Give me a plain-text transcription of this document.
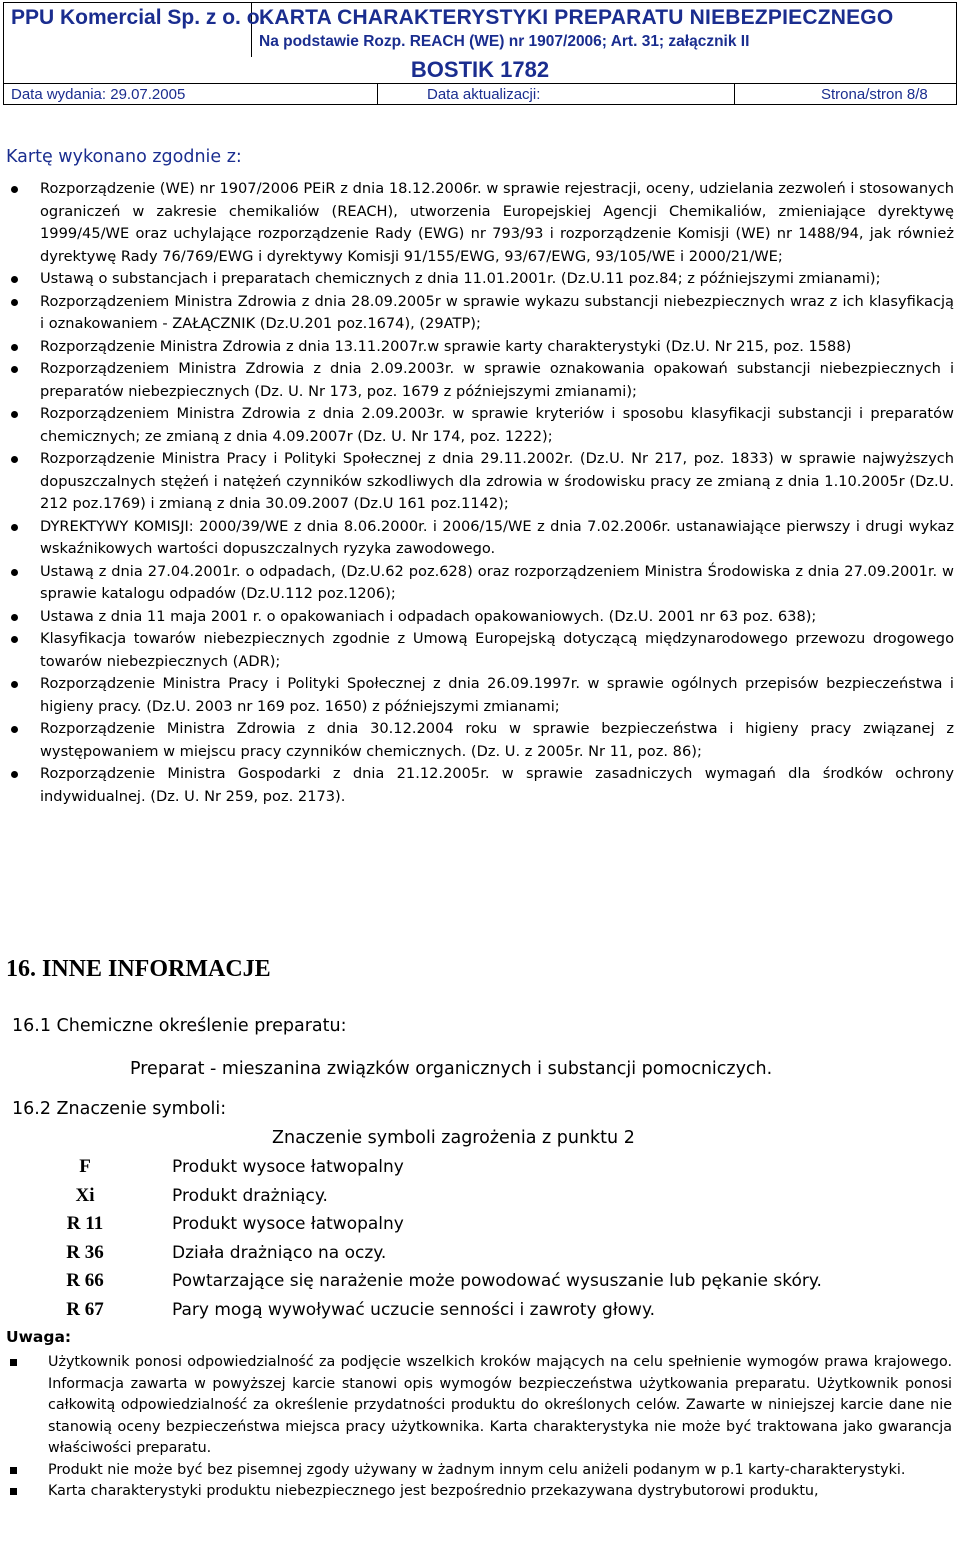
PPU Komercial Sp. z o. o.
KARTA CHARAKTERYSTYKI PREPARATU NIEBEZPIECZNEGO
Na podstawie Rozp. REACH (WE) nr 1907/2006; Art. 31; załącznik II
BOSTIK 1782
Data wydania: 29.07.2005	Data aktualizacji:	Strona/stron 8/8
Kartę wykonano zgodnie z:
Rozporządzenie (WE) nr 1907/2006 PEiR z dnia 18.12.2006r. w sprawie rejestracji, oceny, udzielania zezwoleń i stosowanych ograniczeń w zakresie chemikaliów (REACH), utworzenia Europejskiej Agencji Chemikaliów, zmieniające dyrektywę 1999/45/WE oraz uchylające rozporządzenie Rady (EWG) nr 793/93 i rozporządzenie Komisji (WE) nr 1488/94, jak również dyrektywę Rady 76/769/EWG i dyrektywy Komisji 91/155/EWG, 93/67/EWG, 93/105/WE i 2000/21/WE;
Ustawą o substancjach i preparatach chemicznych z dnia 11.01.2001r. (Dz.U.11 poz.84; z późniejszymi zmianami);
Rozporządzeniem Ministra Zdrowia z dnia 28.09.2005r w sprawie wykazu substancji niebezpiecznych wraz z ich klasyfikacją i oznakowaniem - ZAŁĄCZNIK (Dz.U.201 poz.1674), (29ATP);
Rozporządzenie Ministra Zdrowia z dnia 13.11.2007r.w sprawie karty charakterystyki (Dz.U. Nr 215, poz. 1588)
Rozporządzeniem Ministra Zdrowia z dnia 2.09.2003r. w sprawie oznakowania opakowań substancji niebezpiecznych i preparatów niebezpiecznych (Dz. U. Nr 173, poz. 1679 z późniejszymi zmianami);
Rozporządzeniem Ministra Zdrowia z dnia 2.09.2003r. w sprawie kryteriów i sposobu klasyfikacji substancji i preparatów chemicznych; ze zmianą z dnia 4.09.2007r (Dz. U. Nr 174, poz. 1222);
Rozporządzenie Ministra Pracy i Polityki Społecznej z dnia 29.11.2002r. (Dz.U. Nr 217, poz. 1833) w sprawie najwyższych dopuszczalnych stężeń i natężeń czynników szkodliwych dla zdrowia w środowisku pracy ze zmianą z dnia 1.10.2005r (Dz.U. 212 poz.1769) i zmianą z dnia 30.09.2007 (Dz.U 161 poz.1142);
DYREKTYWY KOMISJI: 2000/39/WE z dnia 8.06.2000r. i 2006/15/WE z dnia 7.02.2006r. ustanawiające pierwszy i drugi wykaz wskaźnikowych wartości dopuszczalnych ryzyka zawodowego.
Ustawą z dnia 27.04.2001r. o odpadach, (Dz.U.62 poz.628) oraz rozporządzeniem Ministra Środowiska z dnia 27.09.2001r. w sprawie katalogu odpadów (Dz.U.112 poz.1206);
Ustawa z dnia 11 maja 2001 r. o opakowaniach i odpadach opakowaniowych. (Dz.U. 2001 nr 63 poz. 638);
Klasyfikacja towarów niebezpiecznych zgodnie z Umową Europejską dotyczącą międzynarodowego przewozu drogowego towarów niebezpiecznych (ADR);
Rozporządzenie Ministra Pracy i Polityki Społecznej z dnia 26.09.1997r. w sprawie ogólnych przepisów bezpieczeństwa i higieny pracy. (Dz.U. 2003 nr 169 poz. 1650) z późniejszymi zmianami;
Rozporządzenie Ministra Zdrowia z dnia 30.12.2004 roku w sprawie bezpieczeństwa i higieny pracy związanej z występowaniem w miejscu pracy czynników chemicznych. (Dz. U. z 2005r. Nr 11, poz. 86);
Rozporządzenie Ministra Gospodarki z dnia 21.12.2005r. w sprawie zasadniczych wymagań dla środków ochrony indywidualnej. (Dz. U. Nr 259, poz. 2173).
16. INNE INFORMACJE
16.1 Chemiczne określenie preparatu:
Preparat - mieszanina związków organicznych i substancji pomocniczych.
16.2 Znaczenie symboli:
Znaczenie symboli zagrożenia z punktu 2
F		Produkt wysoce łatwopalny
Xi		Produkt drażniący.
R 11		Produkt wysoce łatwopalny
R 36		Działa drażniąco na oczy.
R 66		Powtarzające się narażenie może powodować wysuszanie lub pękanie skóry.
R 67		Pary mogą wywoływać uczucie senności i zawroty głowy.
Uwaga:
Użytkownik ponosi odpowiedzialność za podjęcie wszelkich kroków mających na celu spełnienie wymogów prawa krajowego. Informacja zawarta w powyższej karcie stanowi opis wymogów bezpieczeństwa użytkowania preparatu. Użytkownik ponosi całkowitą odpowiedzialność za określenie przydatności produktu do określonych celów. Zawarte w niniejszej karcie dane nie stanowią oceny bezpieczeństwa miejsca pracy użytkownika. Karta charakterystyka nie może być traktowana jako gwarancja właściwości preparatu.
Produkt nie może być bez pisemnej zgody używany w żadnym innym celu aniżeli podanym w p.1 karty-charakterystyki.
Karta charakterystyki produktu niebezpiecznego jest bezpośrednio przekazywana dystrybutorowi produktu,
